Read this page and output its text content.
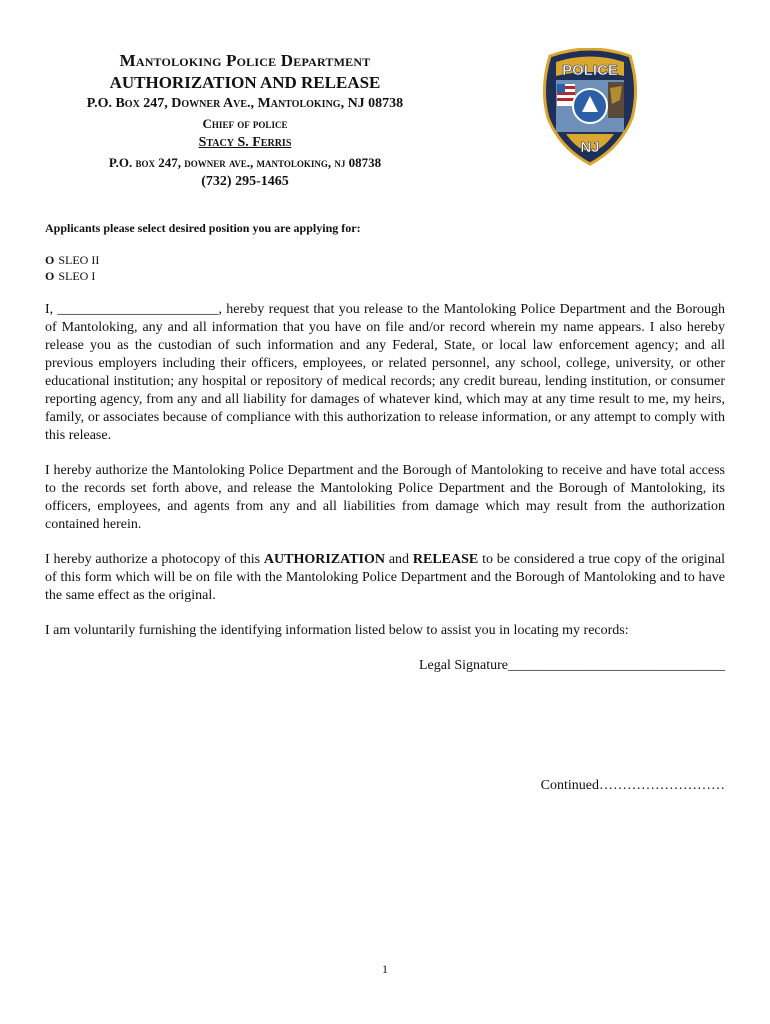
Mantoloking Police Department
AUTHORIZATION AND RELEASE
P.O. Box 247, Downer Ave., Mantoloking, NJ 08738
Chief of police
Stacy S. Ferris
P.O. box 247, downer ave., mantoloking, nj 08738
(732) 295-1465
POLICE
NJ
Applicants please select desired position you are applying for:
O SLEO II
O SLEO I

I, _______________________, hereby request that you release to the Mantoloking Police Department and the Borough of Mantoloking, any and all information that you have on file and/or record wherein my name appears. I also hereby release you as the custodian of such information and any Federal, State, or local law enforcement agency; and all previous employers including their officers, employees, or related personnel, any school, college, university, or other educational institution; any hospital or repository of medical records; any credit bureau, lending institution, or consumer reporting agency, from any and all liability for damages of whatever kind, which may at any time result to me, my heirs, family, or associates because of compliance with this authorization to release information, or any attempt to comply with this release.

I hereby authorize the Mantoloking Police Department and the Borough of Mantoloking to receive and have total access to the records set forth above, and release the Mantoloking Police Department and the Borough of Mantoloking, its officers, employees, and agents from any and all liabilities from damage which may result from the authorization contained herein.

I hereby authorize a photocopy of this AUTHORIZATION and RELEASE to be considered a true copy of the original of this form which will be on file with the Mantoloking Police Department and the Borough of Mantoloking and to have the same effect as the original.

I am voluntarily furnishing the identifying information listed below to assist you in locating my records:

Legal Signature_______________________________
Continued………………………
1
